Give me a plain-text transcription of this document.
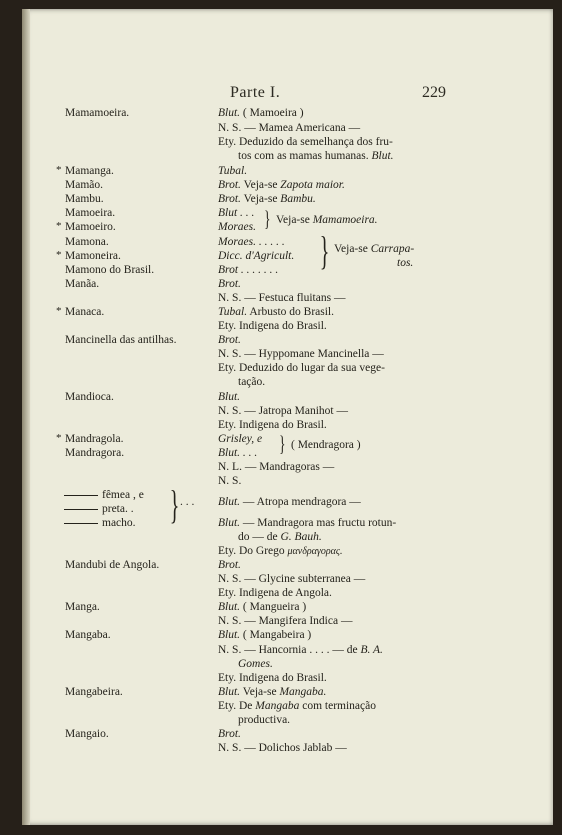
Parte I.	229
Mamamoeira.
* Mamanga.
Mamão.
Mambu.
Mamoeira.
* Mamoeiro.
Mamona.
* Mamoneira.
Mamono do Brasil.
Manãa.
* Manaca.
Mancinella das antilhas.
Mandioca.
* Mandragola.
Mandragora.
fêmea , e
preta. .
macho. } . . .
Mandubi de Angola.
Manga.
Mangaba.
Mangabeira.
Mangaio.
Blut. ( Mamoeira )
N. S. — Mamea Americana —
Ety. Deduzido da semelhança dos fru-
tos com as mamas humanas. Blut.
Tubal.
Brot. Veja-se Zapota maior.
Brot. Veja-se Bambu.
Blut . . .
Moraes. } Veja-se Mamamoeira.
Moraes. . . . . .
Dicc. d'Agricult.
Brot . . . . . . . } Veja-se Carrapa-
tos.
Brot.
N. S. — Festuca fluitans —
Tubal. Arbusto do Brasil.
Ety. Indigena do Brasil.
Brot.
N. S. — Hyppomane Mancinella —
Ety. Deduzido do lugar da sua vege-
tação.
Blut.
N. S. — Jatropa Manihot —
Ety. Indigena do Brasil.
Grisley, e
Blut. . . . } ( Mendragora )
N. L. — Mandragoras —
N. S.
Blut. — Atropa mendragora —
Blut. — Mandragora mas fructu rotun-
do — de G. Bauh.
Ety. Do Grego μανδραγορας.
Brot.
N. S. — Glycine subterranea —
Ety. Indigena de Angola.
Blut. ( Mangueira )
N. S. — Mangifera Indica —
Blut. ( Mangabeira )
N. S. — Hancornia . . . . — de B. A.
Gomes.
Ety. Indigena do Brasil.
Blut. Veja-se Mangaba.
Ety. De Mangaba com terminação
productiva.
Brot.
N. S. — Dolichos Jablab —
